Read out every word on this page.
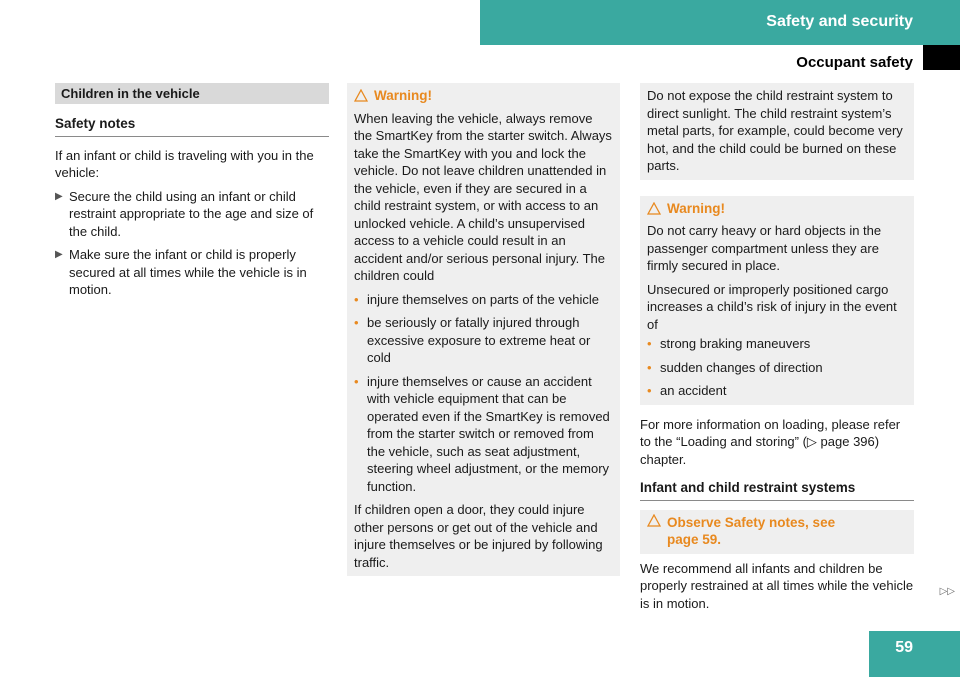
Safety and security
Occupant safety
Children in the vehicle
Safety notes

If an infant or child is traveling with you in the vehicle:

▶ Secure the child using an infant or child restraint appropriate to the age and size of the child.
▶ Make sure the infant or child is properly secured at all times while the vehicle is in motion.
Warning!

When leaving the vehicle, always remove the SmartKey from the starter switch. Always take the SmartKey with you and lock the vehicle. Do not leave children unattended in the vehicle, even if they are secured in a child restraint system, or with access to an unlocked vehicle. A child’s unsupervised access to a vehicle could result in an accident and/or serious personal injury. The children could

• injure themselves on parts of the vehicle
• be seriously or fatally injured through excessive exposure to extreme heat or cold
• injure themselves or cause an accident with vehicle equipment that can be operated even if the SmartKey is removed from the starter switch or removed from the vehicle, such as seat adjustment, steering wheel adjustment, or the memory function.

If children open a door, they could injure other persons or get out of the vehicle and injure themselves or be injured by following traffic.

Do not expose the child restraint system to direct sunlight. The child restraint system’s metal parts, for example, could become very hot, and the child could be burned on these parts.

Warning!

Do not carry heavy or hard objects in the passenger compartment unless they are firmly secured in place.

Unsecured or improperly positioned cargo increases a child’s risk of injury in the event of

• strong braking maneuvers
• sudden changes of direction
• an accident

For more information on loading, please refer to the “Loading and storing” (▷ page 396) chapter.

Infant and child restraint systems
Observe Safety notes, see page 59.

We recommend all infants and children be properly restrained at all times while the vehicle is in motion.

▷▷
59
